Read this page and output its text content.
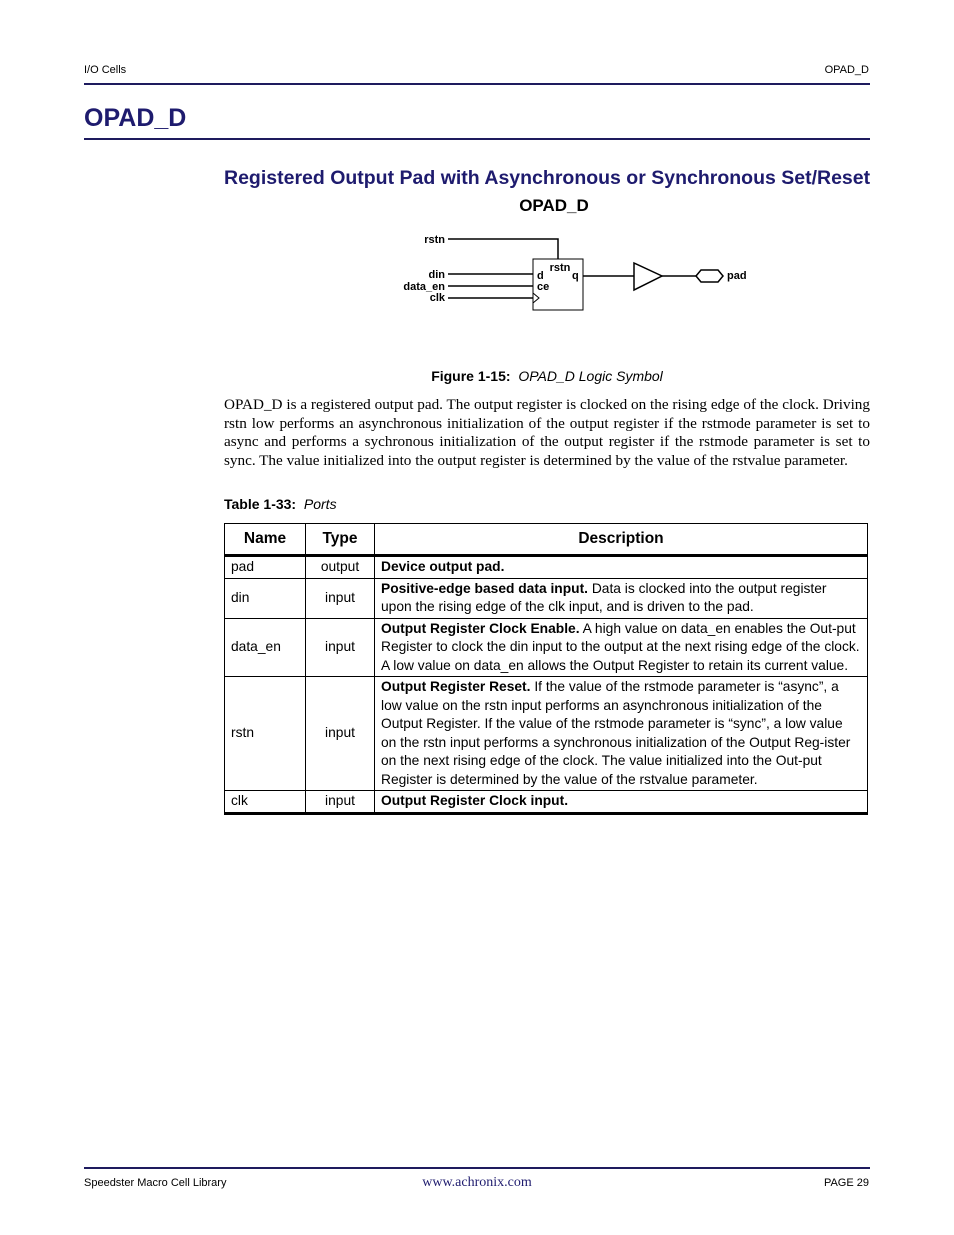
I/O Cells	OPAD_D
OPAD_D
Registered Output Pad with Asynchronous or Synchronous Set/Reset
OPAD_D
rstn
din
data_en
clk
rstn
d	q
ce
pad
Figure 1-15: OPAD_D Logic Symbol
OPAD_D is a registered output pad. The output register is clocked on the rising edge of the clock. Driving rstn low performs an asynchronous initialization of the output register if the rstmode parameter is set to async and performs a sychronous initialization of the output register if the rstmode parameter is set to sync. The value initialized into the output register is determined by the value of the rstvalue parameter.
Table 1-33: Ports
Name	Type	Description
pad	output	Device output pad.
din	input	Positive-edge based data input. Data is clocked into the output register upon the rising edge of the clk input, and is driven to the pad.
data_en	input	Output Register Clock Enable. A high value on data_en enables the Out-put Register to clock the din input to the output at the next rising edge of the clock. A low value on data_en allows the Output Register to retain its current value.
rstn	input	Output Register Reset. If the value of the rstmode parameter is “async”, a low value on the rstn input performs an asynchronous initialization of the Output Register. If the value of the rstmode parameter is “sync”, a low value on the rstn input performs a synchronous initialization of the Output Reg-ister on the next rising edge of the clock. The value initialized into the Out-put Register is determined by the value of the rstvalue parameter.
clk	input	Output Register Clock input.
Speedster Macro Cell Library	www.achronix.com	PAGE 29
